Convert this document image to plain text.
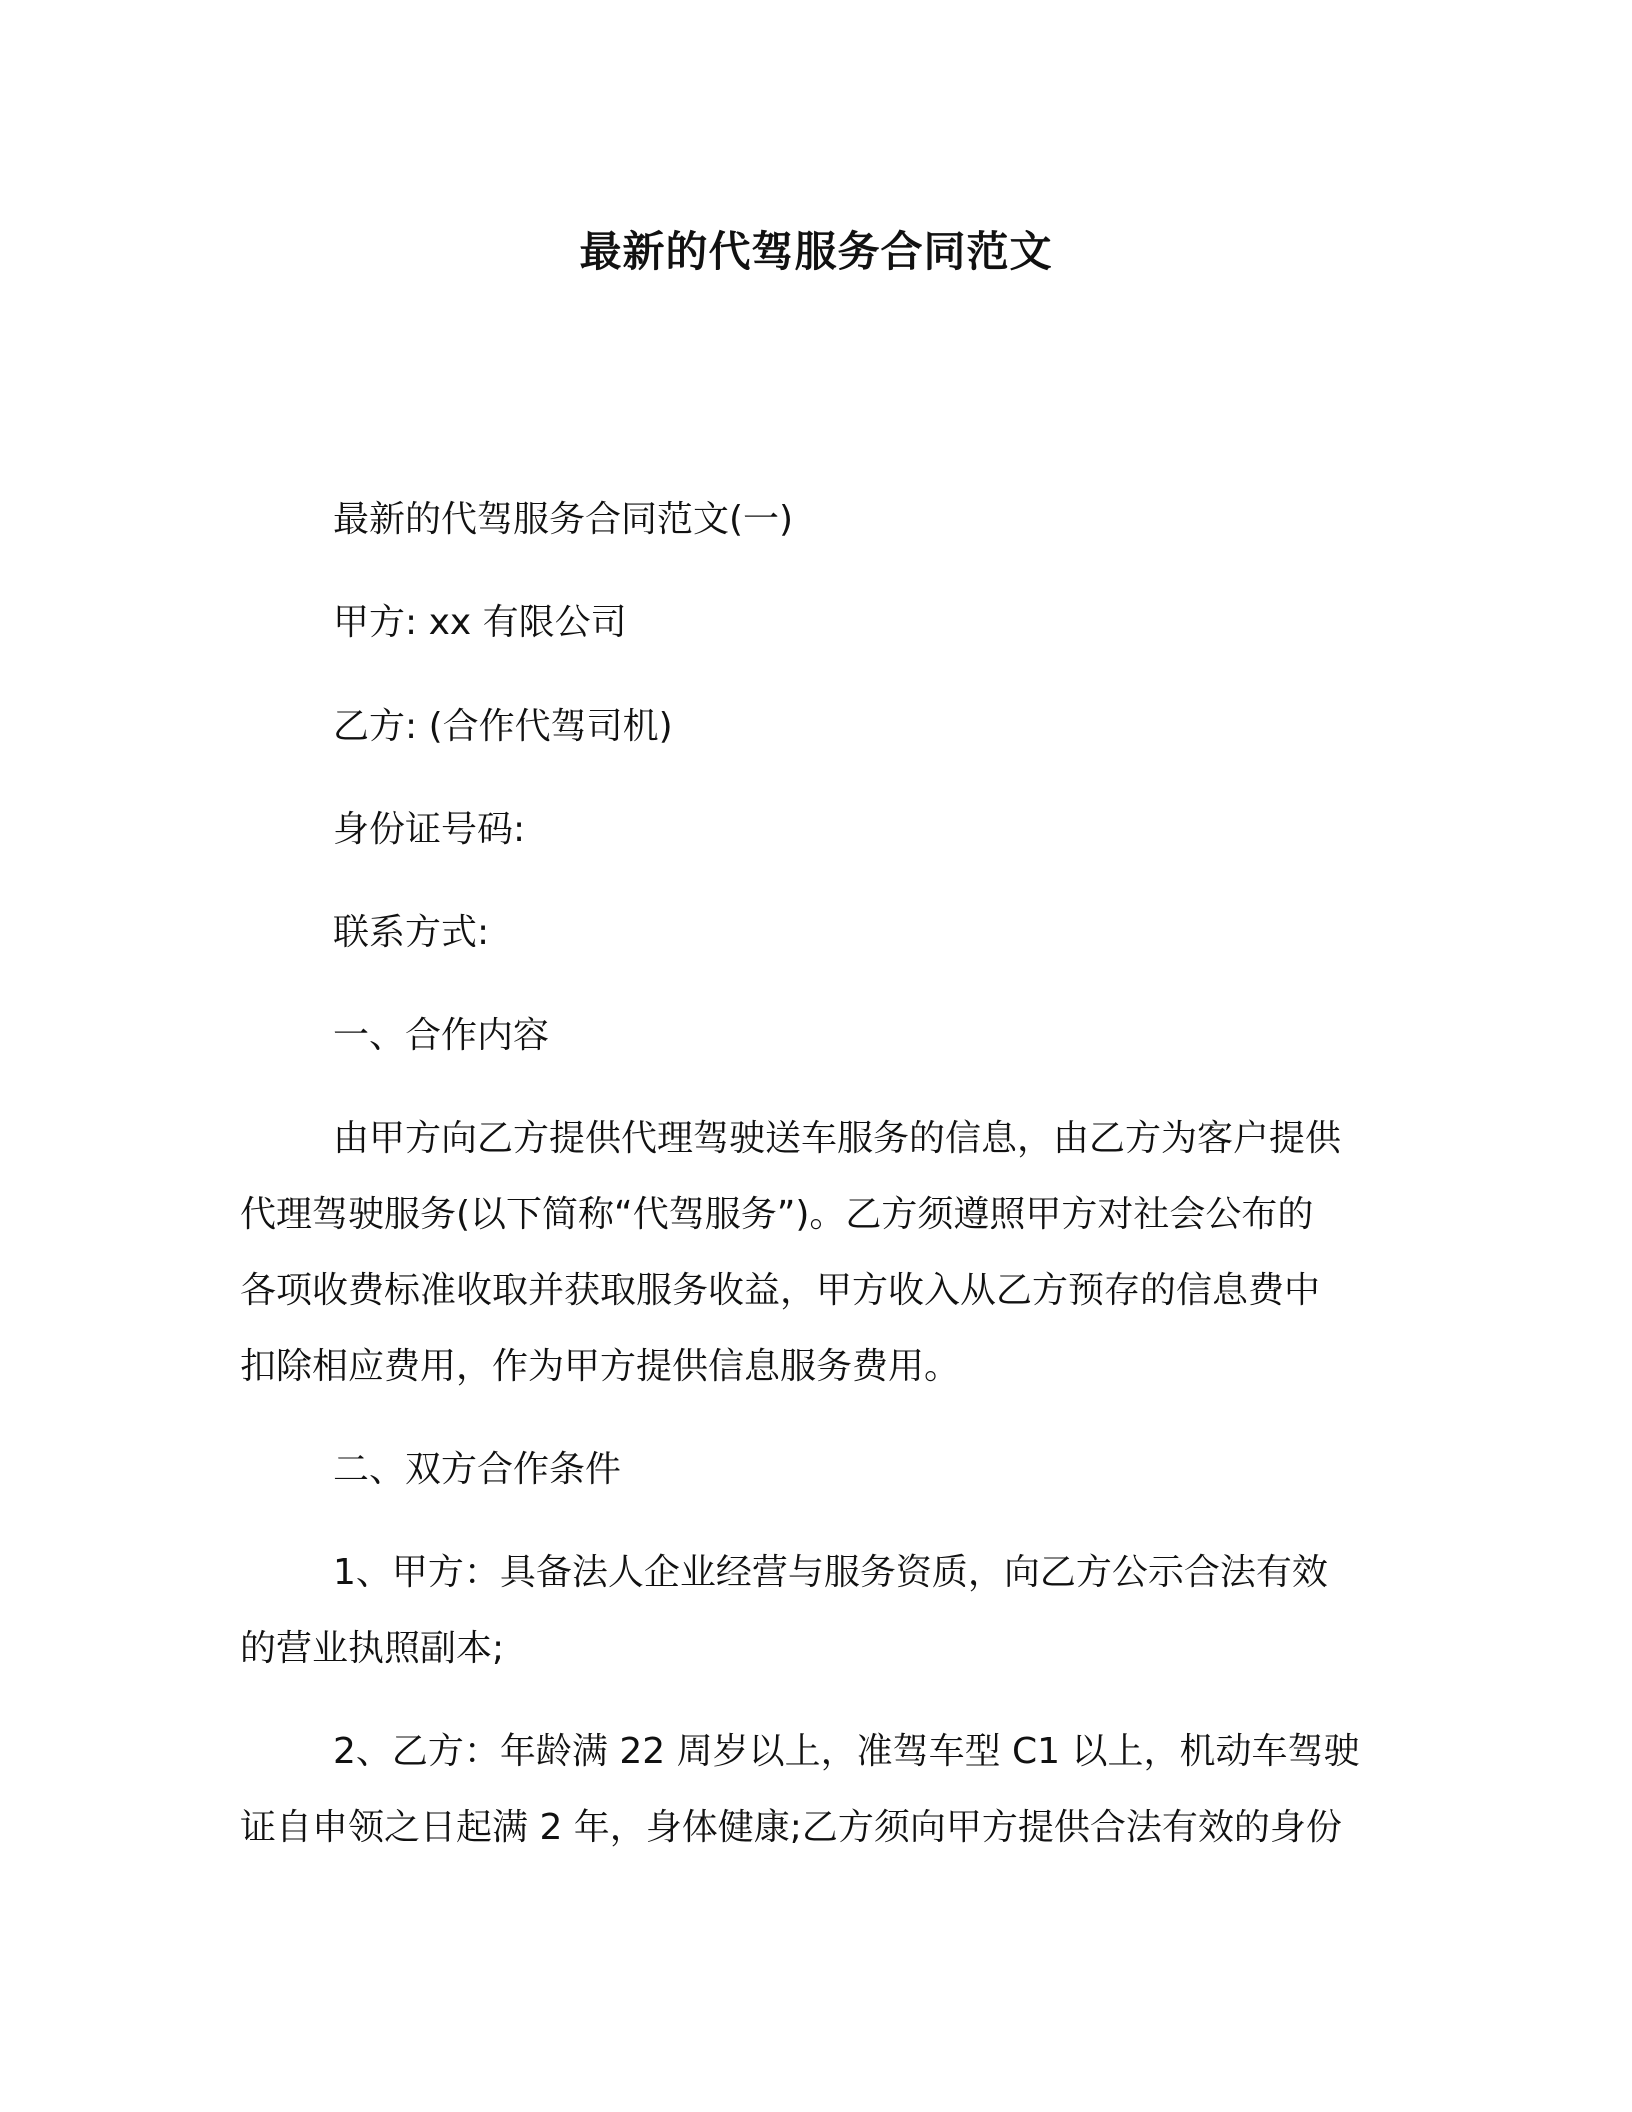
最新的代驾服务合同范文
最新的代驾服务合同范文(一)
甲方: xx 有限公司
乙方: (合作代驾司机)
身份证号码:
联系方式:
一、合作内容
由甲方向乙方提供代理驾驶送车服务的信息，由乙方为客户提供
代理驾驶服务(以下简称“代驾服务”)。乙方须遵照甲方对社会公布的
各项收费标准收取并获取服务收益，甲方收入从乙方预存的信息费中
扣除相应费用，作为甲方提供信息服务费用。
二、双方合作条件
1、甲方：具备法人企业经营与服务资质，向乙方公示合法有效
的营业执照副本;
2、乙方：年龄满 22 周岁以上，准驾车型 C1 以上，机动车驾驶
证自申领之日起满 2 年，身体健康;乙方须向甲方提供合法有效的身份
